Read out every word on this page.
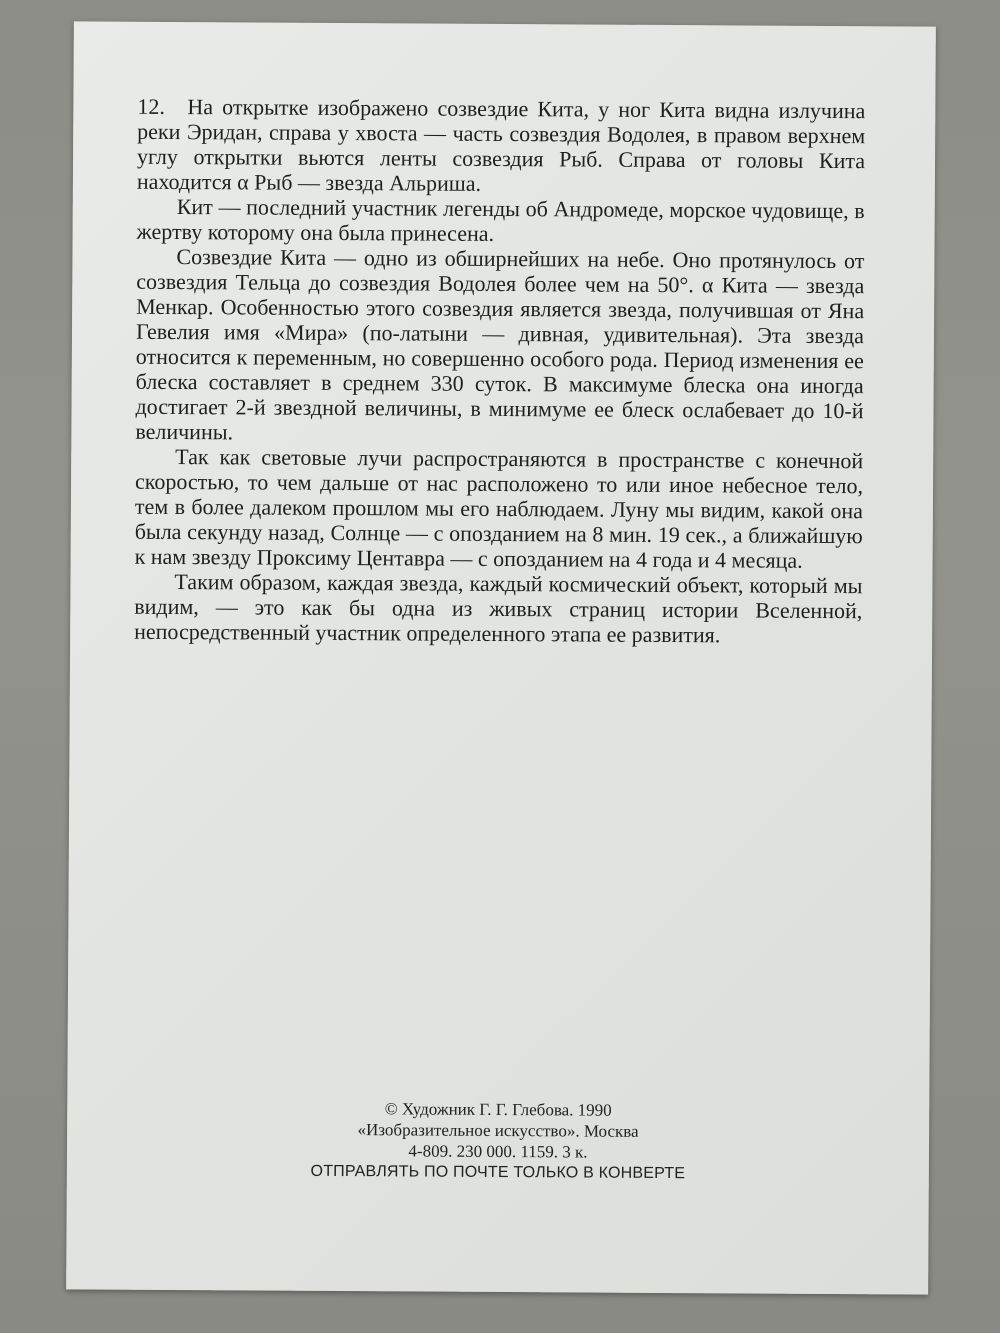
12. На открытке изображено созвездие Кита, у ног Кита видна излучина реки Эридан, справа у хвоста — часть созвездия Водолея, в правом верхнем углу открытки вьются ленты созвездия Рыб. Справа от головы Кита находится α Рыб — звезда Альриша.

Кит — последний участник легенды об Андромеде, морское чудовище, в жертву которому она была принесена.

Созвездие Кита — одно из обширнейших на небе. Оно протянулось от созвездия Тельца до созвездия Водолея более чем на 50°. α Кита — звезда Менкар. Особенностью этого созвездия является звезда, получившая от Яна Гевелия имя «Мира» (по-латыни — дивная, удивительная). Эта звезда относится к переменным, но совершенно особого рода. Период изменения ее блеска составляет в среднем 330 суток. В максимуме блеска она иногда достигает 2-й звездной величины, в минимуме ее блеск ослабевает до 10-й величины.

Так как световые лучи распространяются в пространстве с конечной скоростью, то чем дальше от нас расположено то или иное небесное тело, тем в более далеком прошлом мы его наблюдаем. Луну мы видим, какой она была секунду назад, Солнце — с опозданием на 8 мин. 19 сек., а ближайшую к нам звезду Проксиму Центавра — с опозданием на 4 года и 4 месяца.

Таким образом, каждая звезда, каждый космический объект, который мы видим, — это как бы одна из живых страниц истории Вселенной, непосредственный участник определенного этапа ее развития.

© Художник Г. Г. Глебова. 1990
«Изобразительное искусство». Москва
4-809. 230 000. 1159. 3 к.
ОТПРАВЛЯТЬ ПО ПОЧТЕ ТОЛЬКО В КОНВЕРТЕ
